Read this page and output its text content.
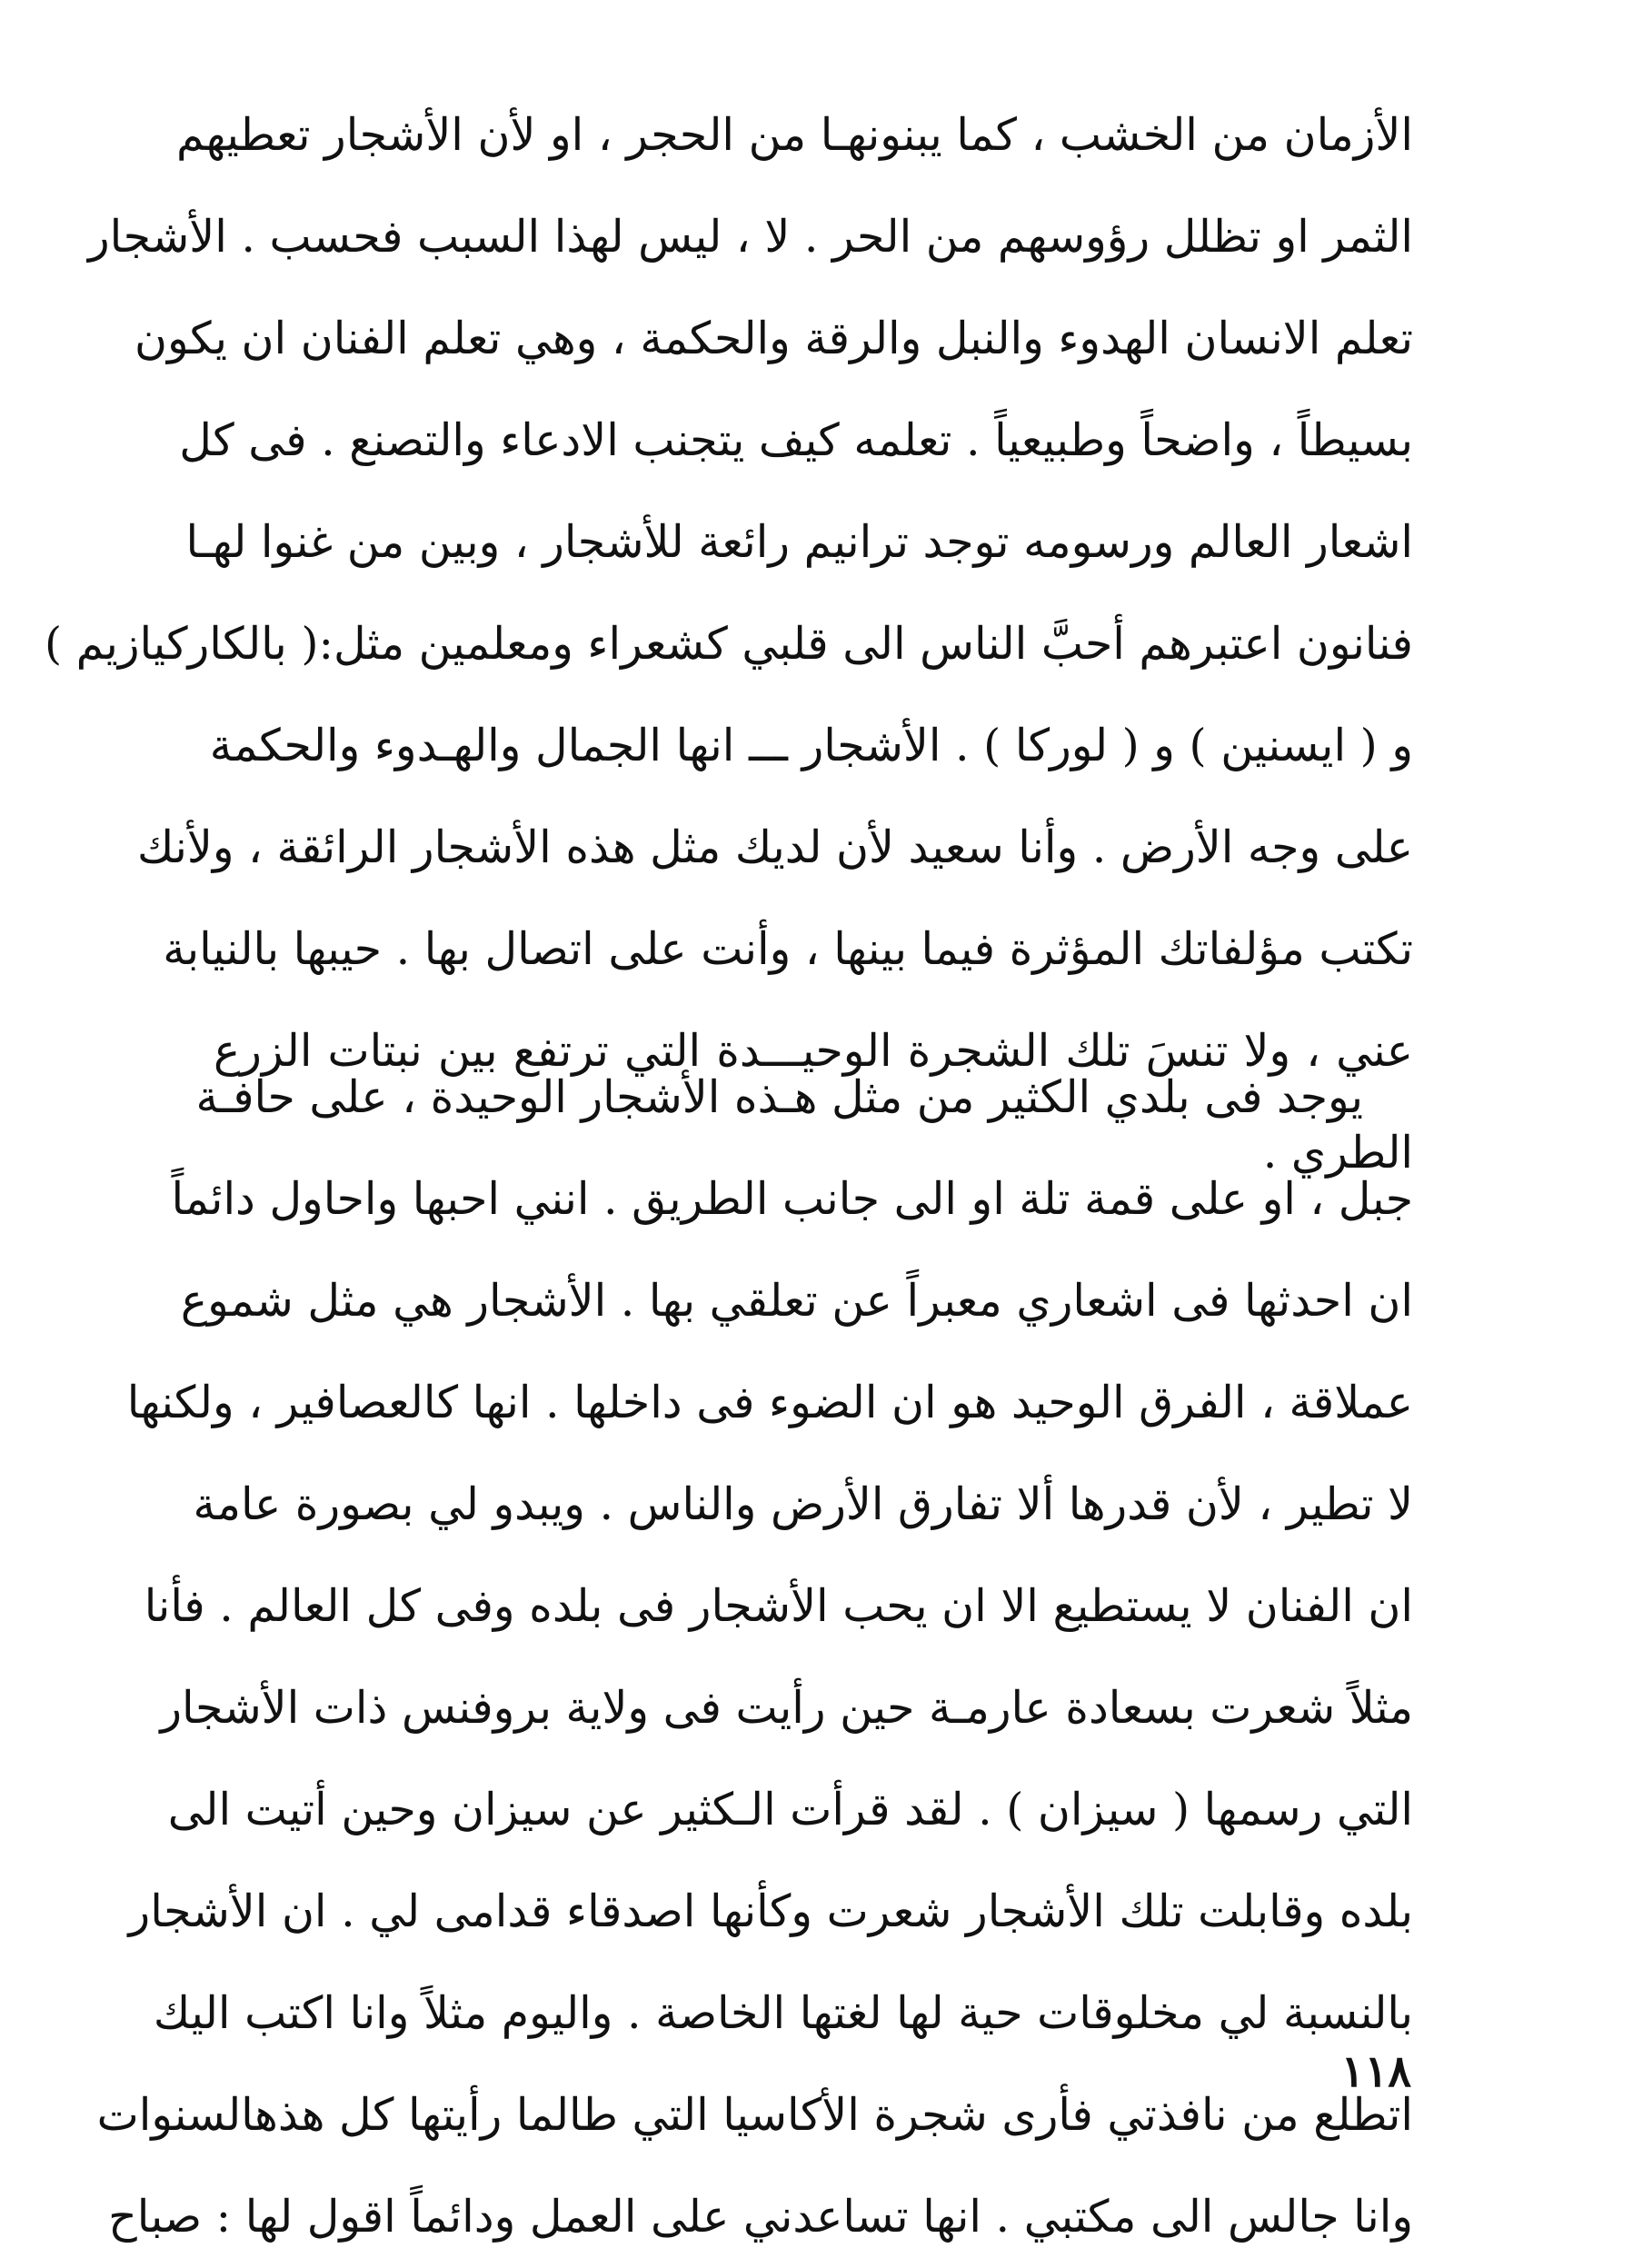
الأزمان من الخشب ، كما يبنونهـا من الحجر ، او لأن الأشجار تعطيهم
الثمر او تظلل رؤوسهم من الحر . لا ، ليس لهذا السبب فحسب . الأشجار
تعلم الانسان الهدوء والنبل والرقة والحكمة ، وهي تعلم الفنان ان يكون
بسيطاً ، واضحاً وطبيعياً . تعلمه كيف يتجنب الادعاء والتصنع . فى كل
اشعار العالم ورسومه توجد ترانيم رائعة للأشجار ، وبين من غنوا لهـا
فنانون اعتبرهم أحبَّ الناس الى قلبي كشعراء ومعلمين مثل:( بالكاركيازيم )
و ( ايسنين ) و ( لوركا ) . الأشجار ـــ انها الجمال والهـدوء والحكمة
على وجه الأرض . وأنا سعيد لأن لديك مثل هذه الأشجار الرائقة ، ولأنك
تكتب مؤلفاتك المؤثرة فيما بينها ، وأنت على اتصال بها . حيبها بالنيابة
عني ، ولا تنسَ تلك الشجرة الوحيـــدة التي ترتفع بين نبتات الزرع
الطري .
يوجد فى بلدي الكثير من مثل هـذه الأشجار الوحيدة ، على حافـة
جبل ، او على قمة تلة او الى جانب الطريق . انني احبها واحاول دائماً
ان احدثها فى اشعاري معبراً عن تعلقي بها . الأشجار هي مثل شموع
عملاقة ، الفرق الوحيد هو ان الضوء فى داخلها . انها كالعصافير ، ولكنها
لا تطير ، لأن قدرها ألا تفارق الأرض والناس . ويبدو لي بصورة عامة
ان الفنان لا يستطيع الا ان يحب الأشجار فى بلده وفى كل العالم . فأنا
مثلاً شعرت بسعادة عارمـة حين رأيت فى ولاية بروفنس ذات الأشجار
التي رسمها ( سيزان ) . لقد قرأت الـكثير عن سيزان وحين أتيت الى
بلده وقابلت تلك الأشجار شعرت وكأنها اصدقاء قدامى لي . ان الأشجار
بالنسبة لي مخلوقات حية لها لغتها الخاصة . واليوم مثلاً وانا اكتب اليك
اتطلع من نافذتي فأرى شجرة الأكاسيا التي طالما رأيتها كل هذهالسنوات
وانا جالس الى مكتبي . انها تساعدني على العمل ودائماً اقول لها : صباح
١١٨
